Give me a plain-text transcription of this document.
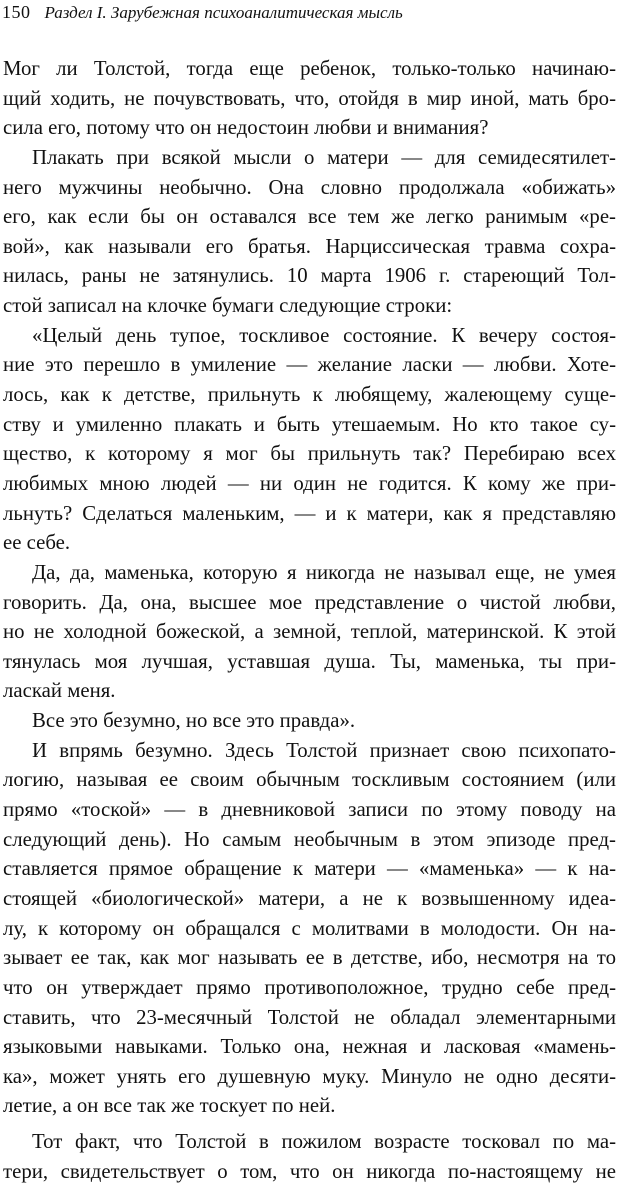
150 Раздел I. Зарубежная психоаналитическая мысль
Мог ли Толстой, тогда еще ребенок, только-только начинаю-
щий ходить, не почувствовать, что, отойдя в мир иной, мать бро-
сила его, потому что он недостоин любви и внимания?
Плакать при всякой мысли о матери — для семидесятилет-
него мужчины необычно. Она словно продолжала «обижать»
его, как если бы он оставался все тем же легко ранимым «ре-
вой», как называли его братья. Нарциссическая травма сохра-
нилась, раны не затянулись. 10 марта 1906 г. стареющий Тол-
стой записал на клочке бумаги следующие строки:
«Целый день тупое, тоскливое состояние. К вечеру состоя-
ние это перешло в умиление — желание ласки — любви. Хоте-
лось, как к детстве, прильнуть к любящему, жалеющему суще-
ству и умиленно плакать и быть утешаемым. Но кто такое су-
щество, к которому я мог бы прильнуть так? Перебираю всех
любимых мною людей — ни один не годится. К кому же при-
льнуть? Сделаться маленьким, — и к матери, как я представляю
ее себе.
Да, да, маменька, которую я никогда не называл еще, не умея
говорить. Да, она, высшее мое представление о чистой любви,
но не холодной божеской, а земной, теплой, материнской. К этой
тянулась моя лучшая, уставшая душа. Ты, маменька, ты при-
ласкай меня.
Все это безумно, но все это правда».
И впрямь безумно. Здесь Толстой признает свою психопато-
логию, называя ее своим обычным тоскливым состоянием (или
прямо «тоской» — в дневниковой записи по этому поводу на
следующий день). Но самым необычным в этом эпизоде пред-
ставляется прямое обращение к матери — «маменька» — к на-
стоящей «биологической» матери, а не к возвышенному идеа-
лу, к которому он обращался с молитвами в молодости. Он на-
зывает ее так, как мог называть ее в детстве, ибо, несмотря на то
что он утверждает прямо противоположное, трудно себе пред-
ставить, что 23-месячный Толстой не обладал элементарными
языковыми навыками. Только она, нежная и ласковая «мамень-
ка», может унять его душевную муку. Минуло не одно десяти-
летие, а он все так же тоскует по ней.
Тот факт, что Толстой в пожилом возрасте тосковал по ма-
тери, свидетельствует о том, что он никогда по-настоящему не
